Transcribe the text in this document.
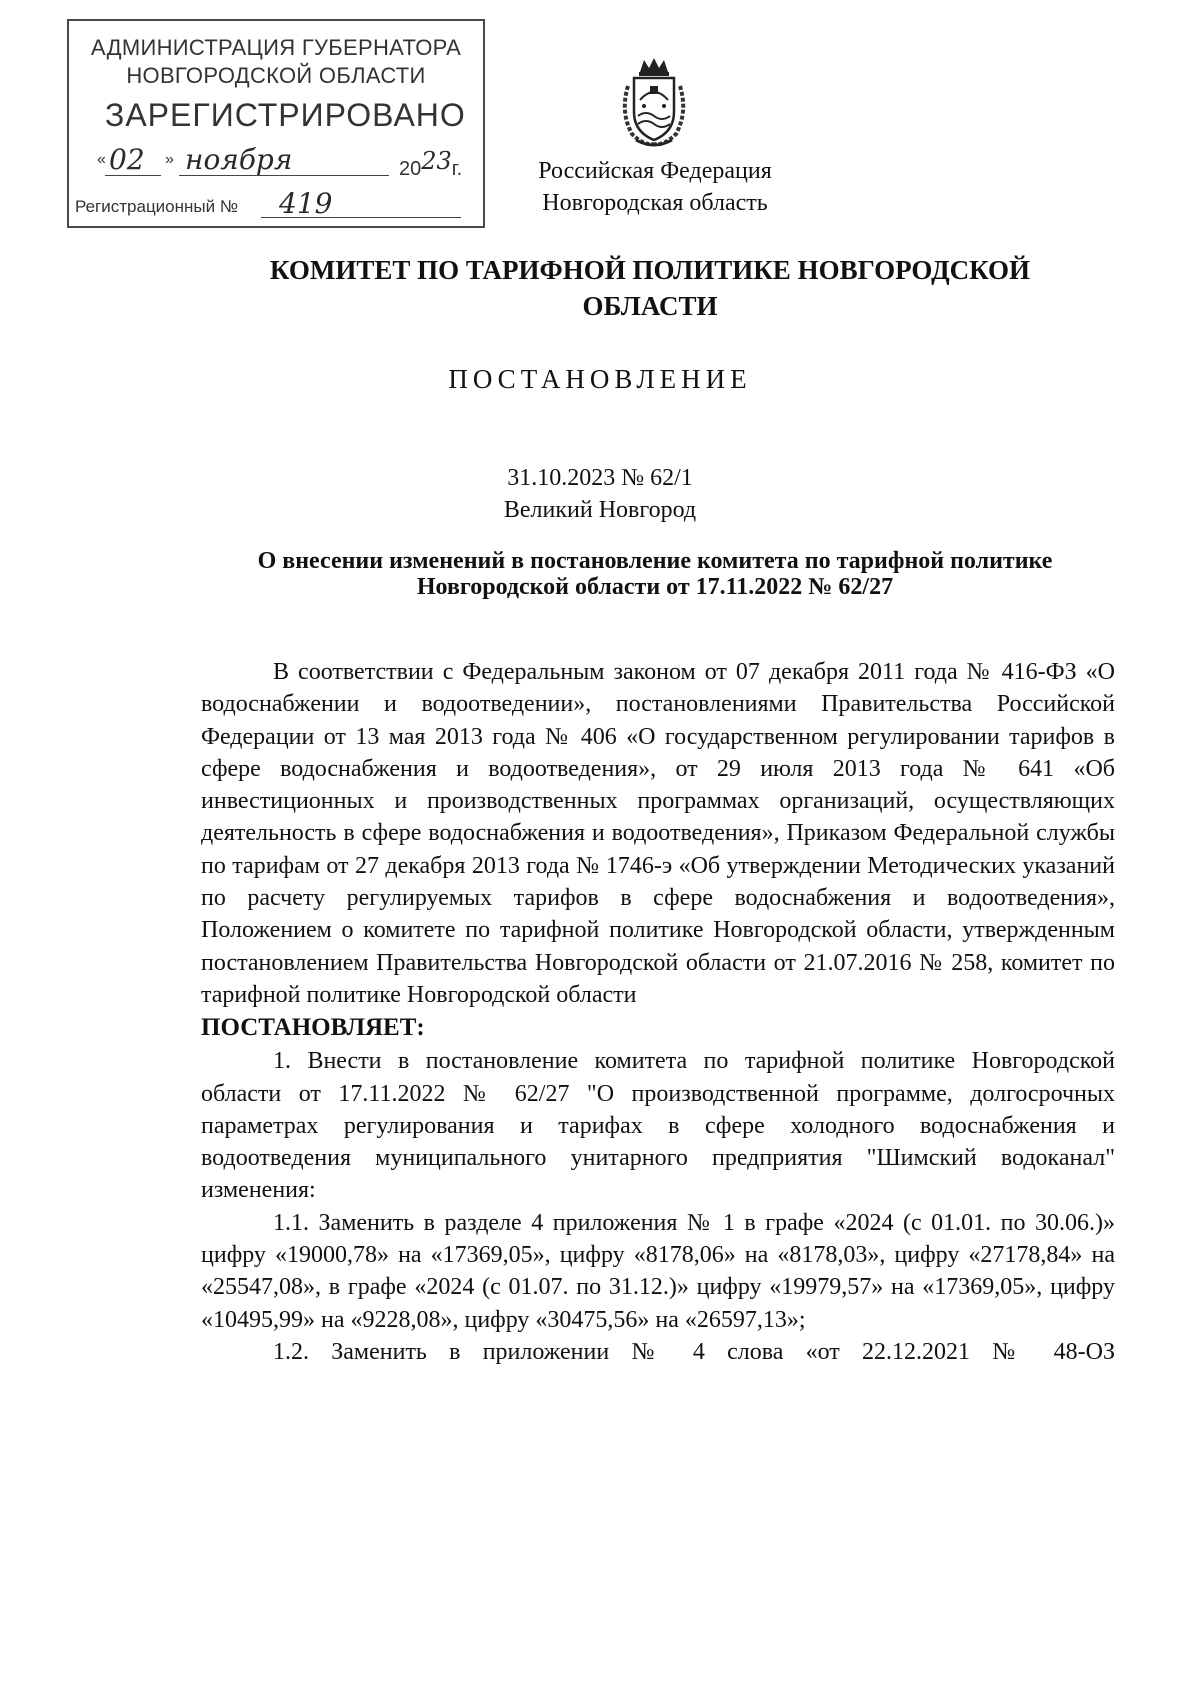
АДМИНИСТРАЦИЯ ГУБЕРНАТОРА
НОВГОРОДСКОЙ ОБЛАСТИ
ЗАРЕГИСТРИРОВАНО
« 02 » ноября	2023г.
Регистрационный № 419
Российская Федерация
Новгородская область
КОМИТЕТ ПО ТАРИФНОЙ ПОЛИТИКЕ НОВГОРОДСКОЙ ОБЛАСТИ
ПОСТАНОВЛЕНИЕ
31.10.2023 № 62/1
Великий Новгород
О внесении изменений в постановление комитета по тарифной политике Новгородской области от 17.11.2022 № 62/27

В соответствии с Федеральным законом от 07 декабря 2011 года № 416-ФЗ «О водоснабжении и водоотведении», постановлениями Правительства Российской Федерации от 13 мая 2013 года № 406 «О государственном регулировании тарифов в сфере водоснабжения и водоотведения», от 29 июля 2013 года № 641 «Об инвестиционных и производственных программах организаций, осуществляющих деятельность в сфере водоснабжения и водоотведения», Приказом Федеральной службы по тарифам от 27 декабря 2013 года № 1746-э «Об утверждении Методических указаний по расчету регулируемых тарифов в сфере водоснабжения и водоотведения», Положением о комитете по тарифной политике Новгородской области, утвержденным постановлением Правительства Новгородской области от 21.07.2016 № 258, комитет по тарифной политике Новгородской области

ПОСТАНОВЛЯЕТ:

1. Внести в постановление комитета по тарифной политике Новгородской области от 17.11.2022 № 62/27 "О производственной программе, долгосрочных параметрах регулирования и тарифах в сфере холодного водоснабжения и водоотведения муниципального унитарного предприятия "Шимский водоканал" изменения:

1.1. Заменить в разделе 4 приложения № 1 в графе «2024 (с 01.01. по 30.06.)» цифру «19000,78» на «17369,05», цифру «8178,06» на «8178,03», цифру «27178,84» на «25547,08», в графе «2024 (с 01.07. по 31.12.)» цифру «19979,57» на «17369,05», цифру «10495,99» на «9228,08», цифру «30475,56» на «26597,13»;

1.2. Заменить в приложении № 4 слова «от 22.12.2021 № 48-ОЗ
